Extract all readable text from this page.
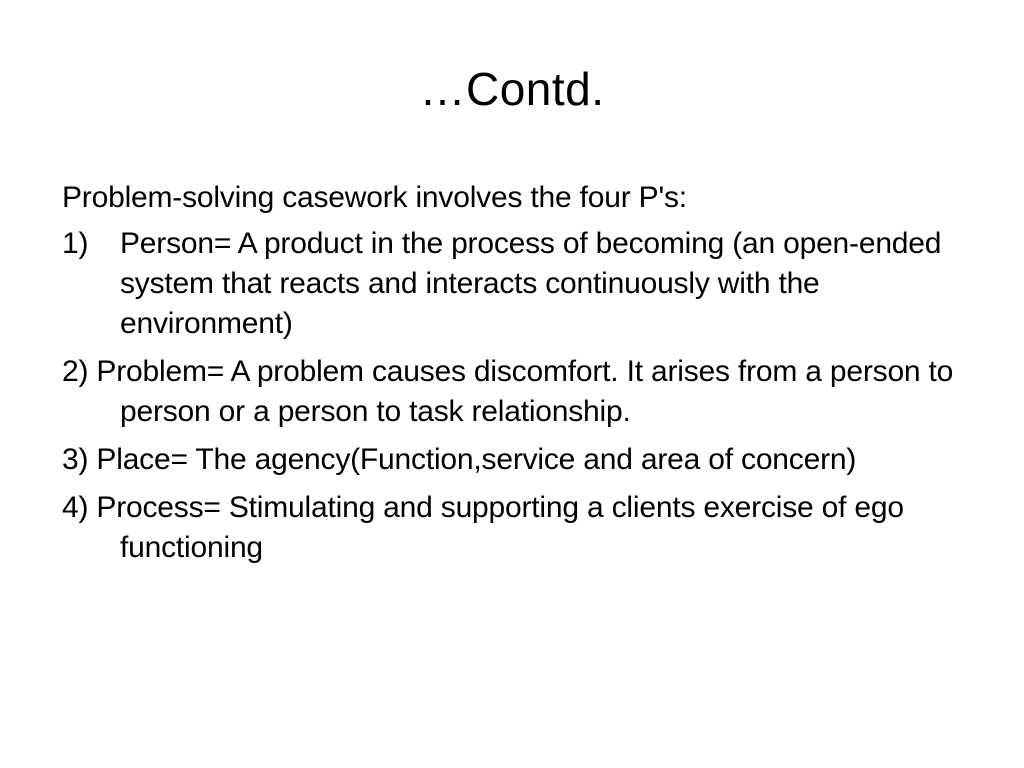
…Contd.

Problem-solving casework involves the four P's:

1) Person= A product in the process of becoming (an open-ended system that reacts and interacts continuously with the environment)

2) Problem= A problem causes discomfort. It arises from a person to person or a person to task relationship.

3) Place= The agency(Function,service and area of concern)

4) Process= Stimulating and supporting a clients exercise of ego functioning
